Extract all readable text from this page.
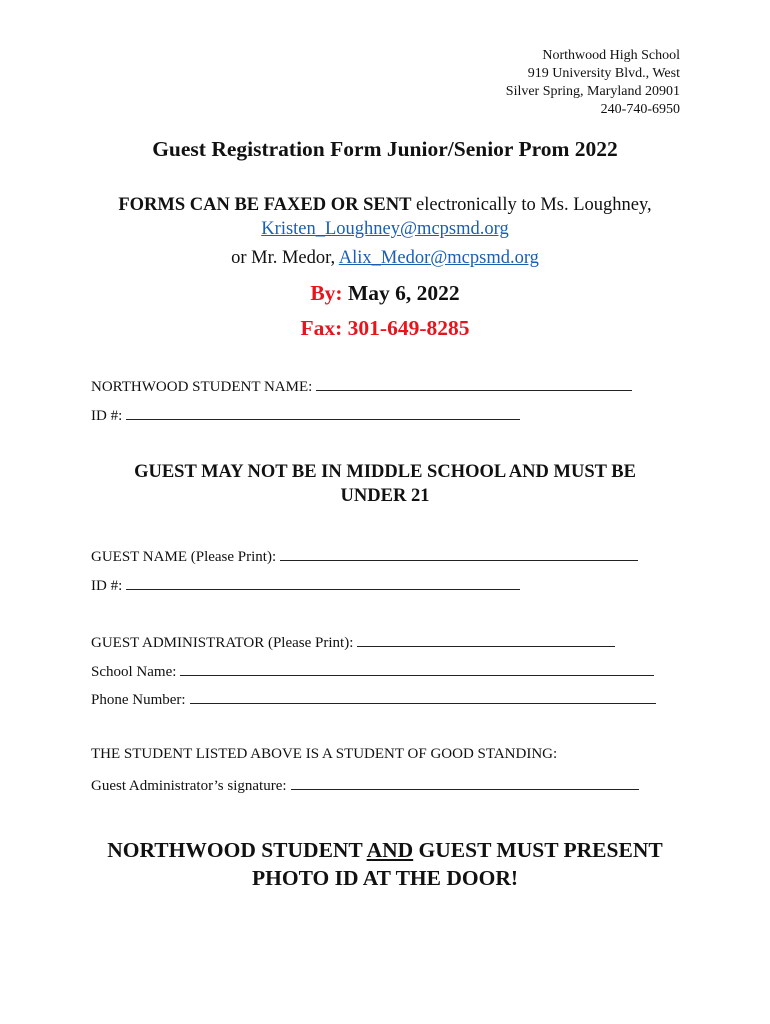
Northwood High School
919 University Blvd., West
Silver Spring, Maryland 20901
240-740-6950
Guest Registration Form Junior/Senior Prom 2022
FORMS CAN BE FAXED OR SENT electronically to Ms. Loughney,
Kristen_Loughney@mcpsmd.org
or Mr. Medor, Alix_Medor@mcpsmd.org
By: May 6, 2022
Fax: 301-649-8285
NORTHWOOD STUDENT NAME:
ID #:
GUEST MAY NOT BE IN MIDDLE SCHOOL AND MUST BE
UNDER 21
GUEST NAME (Please Print):
ID #:
GUEST ADMINISTRATOR (Please Print):
School Name:
Phone Number:
THE STUDENT LISTED ABOVE IS A STUDENT OF GOOD STANDING:
Guest Administrator’s signature:
NORTHWOOD STUDENT AND GUEST MUST PRESENT
PHOTO ID AT THE DOOR!
